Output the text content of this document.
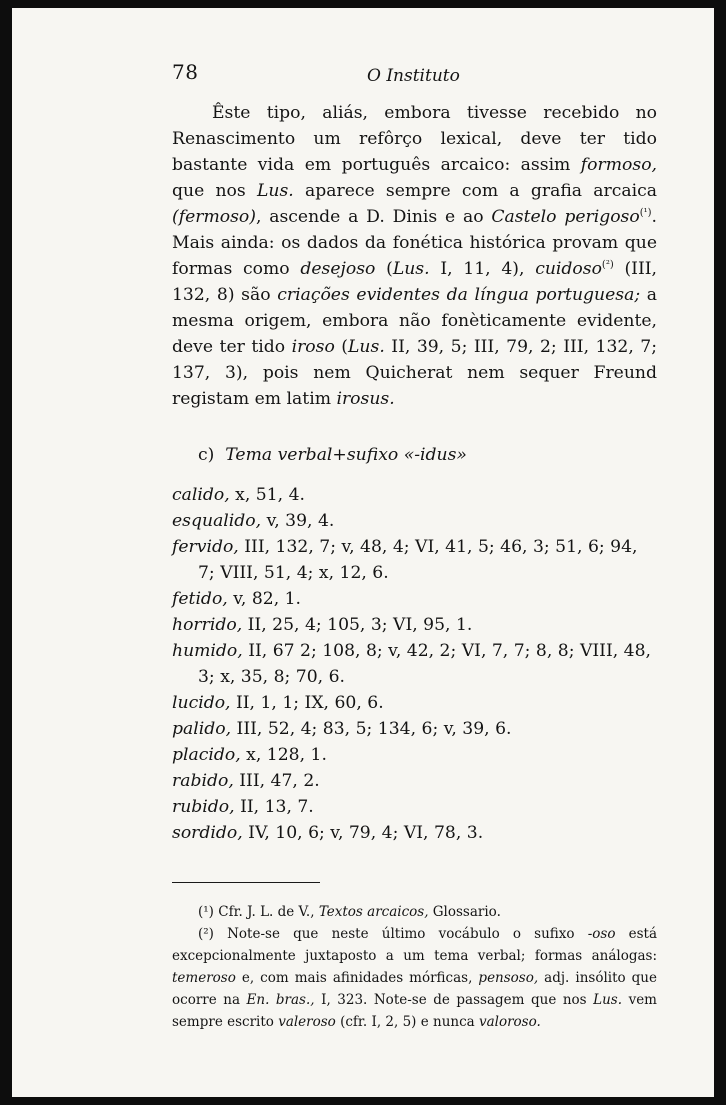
78	O Instituto

Êste tipo, aliás, embora tivesse recebido no Renascimento um refôrço lexical, deve ter tido bastante vida em português arcaico: assim formoso, que nos Lus. aparece sempre com a grafia arcaica (fermoso), ascende a D. Dinis e ao Castelo perigoso$^{(^1)}$. Mais ainda: os dados da fonética histórica provam que formas como desejoso (Lus. I, 11, 4), cuidoso$^{(^2)}$ (III, 132, 8) são criações evidentes da língua portuguesa; a mesma origem, embora não fonèticamente evidente, deve ter tido iroso (Lus. II, 39, 5; III, 79, 2; III, 132, 7; 137, 3), pois nem Quicherat nem sequer Freund registam em latim irosus.

c) Tema verbal+sufixo «-idus»
calido, x, 51, 4.
esqualido, v, 39, 4.
fervido, III, 132, 7; v, 48, 4; VI, 41, 5; 46, 3; 51, 6; 94, 7; VIII, 51, 4; x, 12, 6.
fetido, v, 82, 1.
horrido, II, 25, 4; 105, 3; VI, 95, 1.
humido, II, 67 2; 108, 8; v, 42, 2; VI, 7, 7; 8, 8; VIII, 48, 3; x, 35, 8; 70, 6.
lucido, II, 1, 1; IX, 60, 6.
palido, III, 52, 4; 83, 5; 134, 6; v, 39, 6.
placido, x, 128, 1.
rabido, III, 47, 2.
rubido, II, 13, 7.
sordido, IV, 10, 6; v, 79, 4; VI, 78, 3.

(¹) Cfr. J. L. de V., Textos arcaicos, Glossario.

(²) Note-se que neste último vocábulo o sufixo -oso está excepcionalmente juxtaposto a um tema verbal; formas análogas: temeroso e, com mais afinidades mórficas, pensoso, adj. insólito que ocorre na En. bras., I, 323. Note-se de passagem que nos Lus. vem sempre escrito valeroso (cfr. I, 2, 5) e nunca valoroso.
